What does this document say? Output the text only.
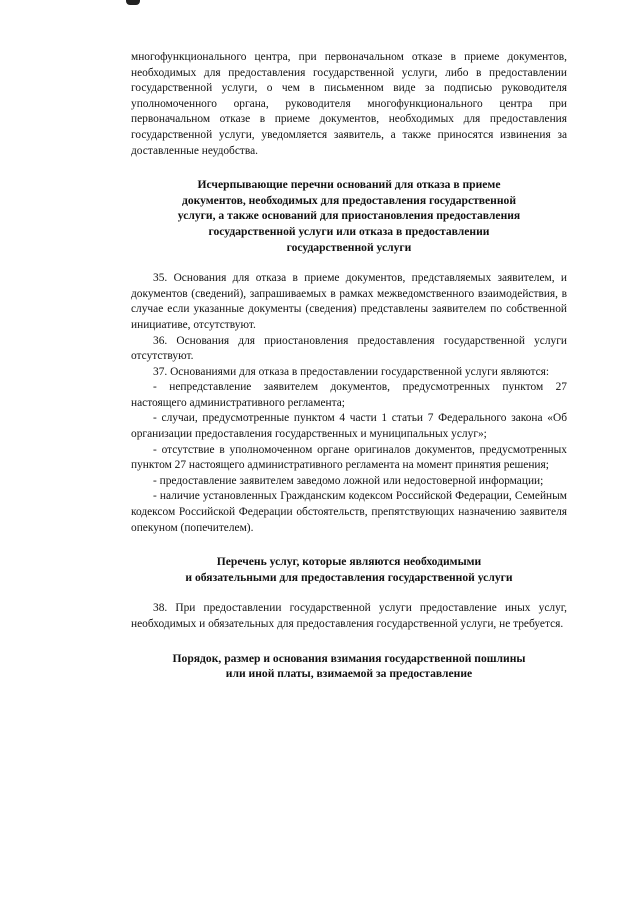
многофункционального центра, при первоначальном отказе в приеме документов, необходимых для предоставления государственной услуги, либо в предоставлении государственной услуги, о чем в письменном виде за подписью руководителя уполномоченного органа, руководителя многофункционального центра при первоначальном отказе в приеме документов, необходимых для предоставления государственной услуги, уведомляется заявитель, а также приносятся извинения за доставленные неудобства.

Исчерпывающие перечни оснований для отказа в приеме
документов, необходимых для предоставления государственной
услуги, а также оснований для приостановления предоставления
государственной услуги или отказа в предоставлении
государственной услуги

35. Основания для отказа в приеме документов, представляемых заявителем, и документов (сведений), запрашиваемых в рамках межведомственного взаимодействия, в случае если указанные документы (сведения) представлены заявителем по собственной инициативе, отсутствуют.

36. Основания для приостановления предоставления государственной услуги отсутствуют.

37. Основаниями для отказа в предоставлении государственной услуги являются:

- непредставление заявителем документов, предусмотренных пунктом 27 настоящего административного регламента;

- случаи, предусмотренные пунктом 4 части 1 статьи 7 Федерального закона «Об организации предоставления государственных и муниципальных услуг»;

- отсутствие в уполномоченном органе оригиналов документов, предусмотренных пунктом 27 настоящего административного регламента на момент принятия решения;

- предоставление заявителем заведомо ложной или недостоверной информации;

- наличие установленных Гражданским кодексом Российской Федерации, Семейным кодексом Российской Федерации обстоятельств, препятствующих назначению заявителя опекуном (попечителем).

Перечень услуг, которые являются необходимыми
и обязательными для предоставления государственной услуги

38. При предоставлении государственной услуги предоставление иных услуг, необходимых и обязательных для предоставления государственной услуги, не требуется.

Порядок, размер и основания взимания государственной пошлины
или иной платы, взимаемой за предоставление
